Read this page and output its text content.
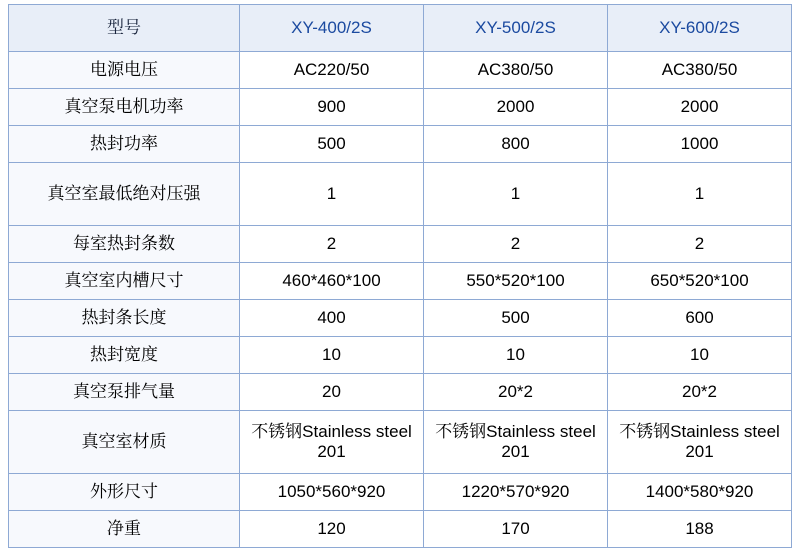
型号	XY-400/2S	XY-500/2S	XY-600/2S
电源电压	AC220/50	AC380/50	AC380/50
真空泵电机功率	900	2000	2000
热封功率	500	800	1000
真空室最低绝对压强	1	1	1
每室热封条数	2	2	2
真空室内槽尺寸	460*460*100	550*520*100	650*520*100
热封条长度	400	500	600
热封宽度	10	10	10
真空泵排气量	20	20*2	20*2
真空室材质	不锈钢Stainless steel 201	不锈钢Stainless steel 201	不锈钢Stainless steel 201
外形尺寸	1050*560*920	1220*570*920	1400*580*920
净重	120	170	188
